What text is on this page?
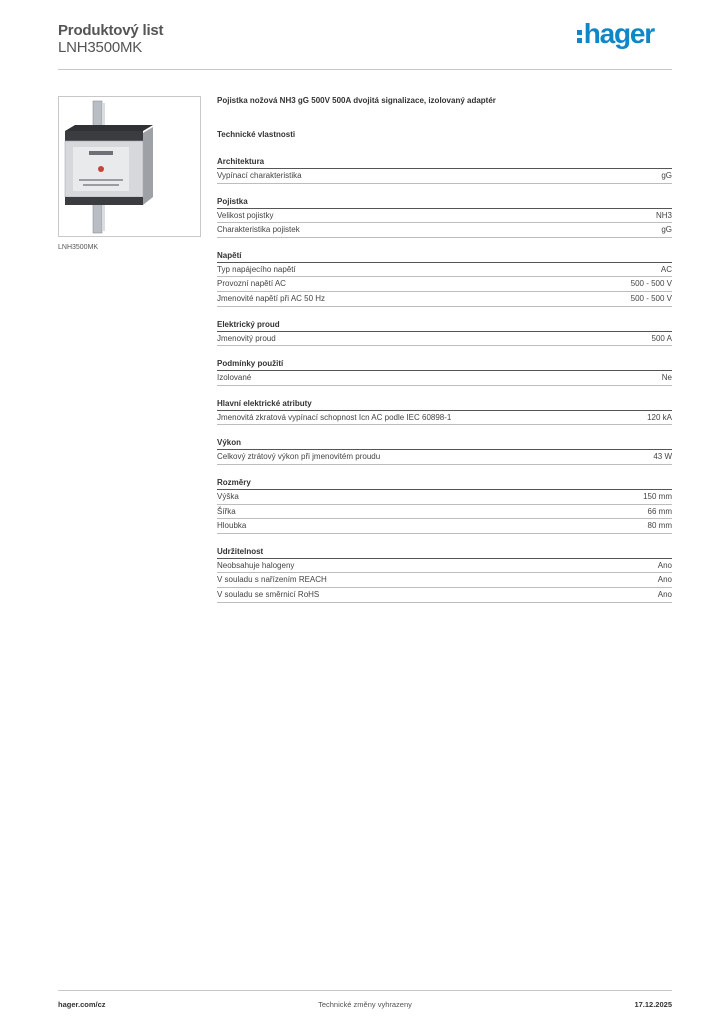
Produktový list
LNH3500MK	hager
LNH3500MK
Pojistka nožová NH3 gG 500V 500A dvojitá signalizace, izolovaný adaptér
Technické vlastnosti
Architektura
Vypínací charakteristika	gG
Pojistka
Velikost pojistky	NH3
Charakteristika pojistek	gG
Napětí
Typ napájecího napětí	AC
Provozní napětí AC	500 - 500 V
Jmenovité napětí při AC 50 Hz	500 - 500 V
Elektrický proud
Jmenovitý proud	500 A
Podmínky použití
Izolované	Ne
Hlavní elektrické atributy
Jmenovitá zkratová vypínací schopnost Icn AC podle IEC 60898-1	120 kA
Výkon
Celkový ztrátový výkon při jmenovitém proudu	43 W
Rozměry
Výška	150 mm
Šířka	66 mm
Hloubka	80 mm
Udržitelnost
Neobsahuje halogeny	Ano
V souladu s nařízením REACH	Ano
V souladu se směrnicí RoHS	Ano
hager.com/cz	Technické změny vyhrazeny	17.12.2025
